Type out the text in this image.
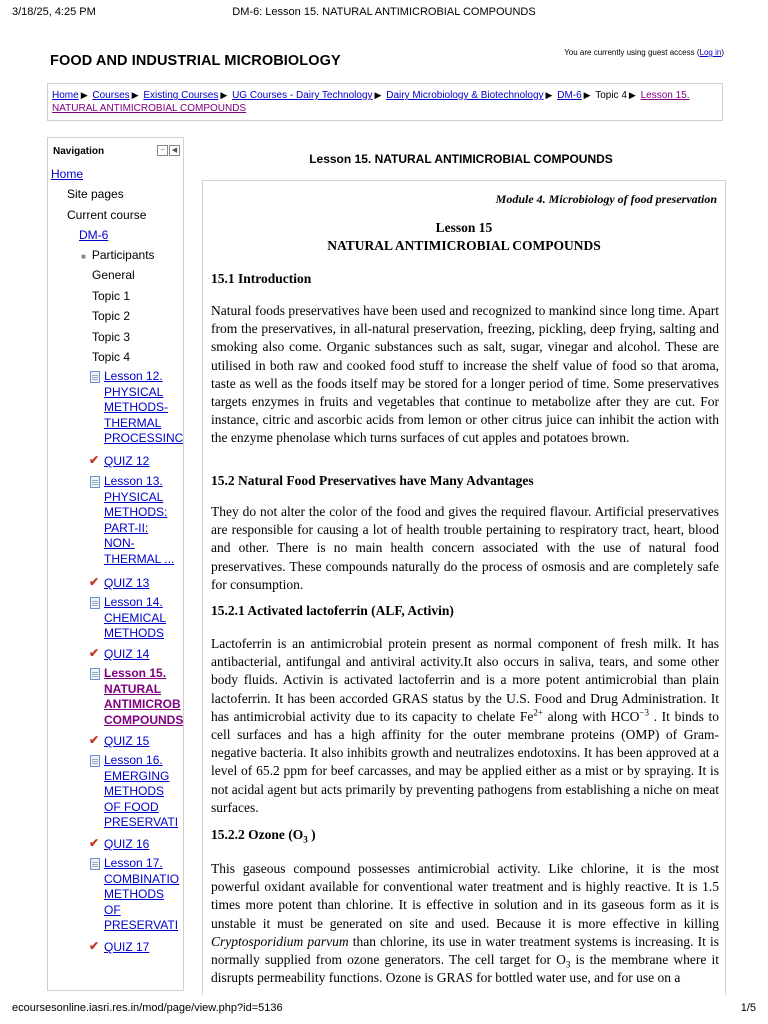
3/18/25, 4:25 PM	DM-6: Lesson 15. NATURAL ANTIMICROBIAL COMPOUNDS
FOOD AND INDUSTRIAL MICROBIOLOGY
You are currently using guest access (Log in)
Home ▶ Courses ▶ Existing Courses ▶ UG Courses - Dairy Technology ▶ Dairy Microbiology & Biotechnology ▶ DM-6 ▶ Topic 4 ▶ Lesson 15.
NATURAL ANTIMICROBIAL COMPOUNDS
Navigation	−	◀
Home
Site pages
Current course
DM-6
■ Participants
General
Topic 1
Topic 2
Topic 3
Topic 4
Lesson 12.
PHYSICAL
METHODS-
THERMAL
PROCESSINC
✔ QUIZ 12
Lesson 13.
PHYSICAL
METHODS:
PART-II:
NON-
THERMAL ...
✔ QUIZ 13
Lesson 14.
CHEMICAL
METHODS
✔ QUIZ 14
Lesson 15.
NATURAL
ANTIMICROB
COMPOUNDS
✔ QUIZ 15
Lesson 16.
EMERGING
METHODS
OF FOOD
PRESERVATI
✔ QUIZ 16
Lesson 17.
COMBINATIO
METHODS
OF
PRESERVATI
✔ QUIZ 17
Lesson 15. NATURAL ANTIMICROBIAL COMPOUNDS
Module 4. Microbiology of food preservation
Lesson 15
NATURAL ANTIMICROBIAL COMPOUNDS
15.1 Introduction

Natural foods preservatives have been used and recognized to mankind since long time. Apart from the preservatives, in all-natural preservation, freezing, pickling, deep frying, salting and smoking also come. Organic substances such as salt, sugar, vinegar and alcohol. These are utilised in both raw and cooked food stuff to increase the shelf value of food so that aroma, taste as well as the foods itself may be stored for a longer period of time. Some preservatives targets enzymes in fruits and vegetables that continue to metabolize after they are cut. For instance, citric and ascorbic acids from lemon or other citrus juice can inhibit the action with the enzyme phenolase which turns surfaces of cut apples and potatoes brown.

15.2 Natural Food Preservatives have Many Advantages

They do not alter the color of the food and gives the required flavour. Artificial preservatives are responsible for causing a lot of health trouble pertaining to respiratory tract, heart, blood and other. There is no main health concern associated with the use of natural food preservatives. These compounds naturally do the process of osmosis and are completely safe for consumption.

15.2.1 Activated lactoferrin (ALF, Activin)

Lactoferrin is an antimicrobial protein present as normal component of fresh milk. It has antibacterial, antifungal and antiviral activity.It also occurs in saliva, tears, and some other body fluids. Activin is activated lactoferrin and is a more potent antimicrobial than plain lactoferrin. It has been accorded GRAS status by the U.S. Food and Drug Administration. It has antimicrobial activity due to its capacity to chelate $Fe^{2+}$ along with $HCO^{-3}$ . It binds to cell surfaces and has a high affinity for the outer membrane proteins (OMP) of Gram-negative bacteria. It also inhibits growth and neutralizes endotoxins. It has been approved at a level of 65.2 ppm for beef carcasses, and may be applied either as a mist or by spraying. It is not acidal agent but acts primarily by preventing pathogens from establishing a niche on meat surfaces.

15.2.2 Ozone ($O_3$ )

This gaseous compound possesses antimicrobial activity. Like chlorine, it is the most powerful oxidant available for conventional water treatment and is highly reactive. It is 1.5 times more potent than chlorine. It is effective in solution and in its gaseous form as it is unstable it must be generated on site and used. Because it is more effective in killing Cryptosporidium parvum than chlorine, its use in water treatment systems is increasing. It is normally supplied from ozone generators. The cell target for $O_3$ is the membrane where it disrupts permeability functions. Ozone is GRAS for bottled water use, and for use on a

ecoursesonline.iasri.res.in/mod/page/view.php?id=5136	1/5
